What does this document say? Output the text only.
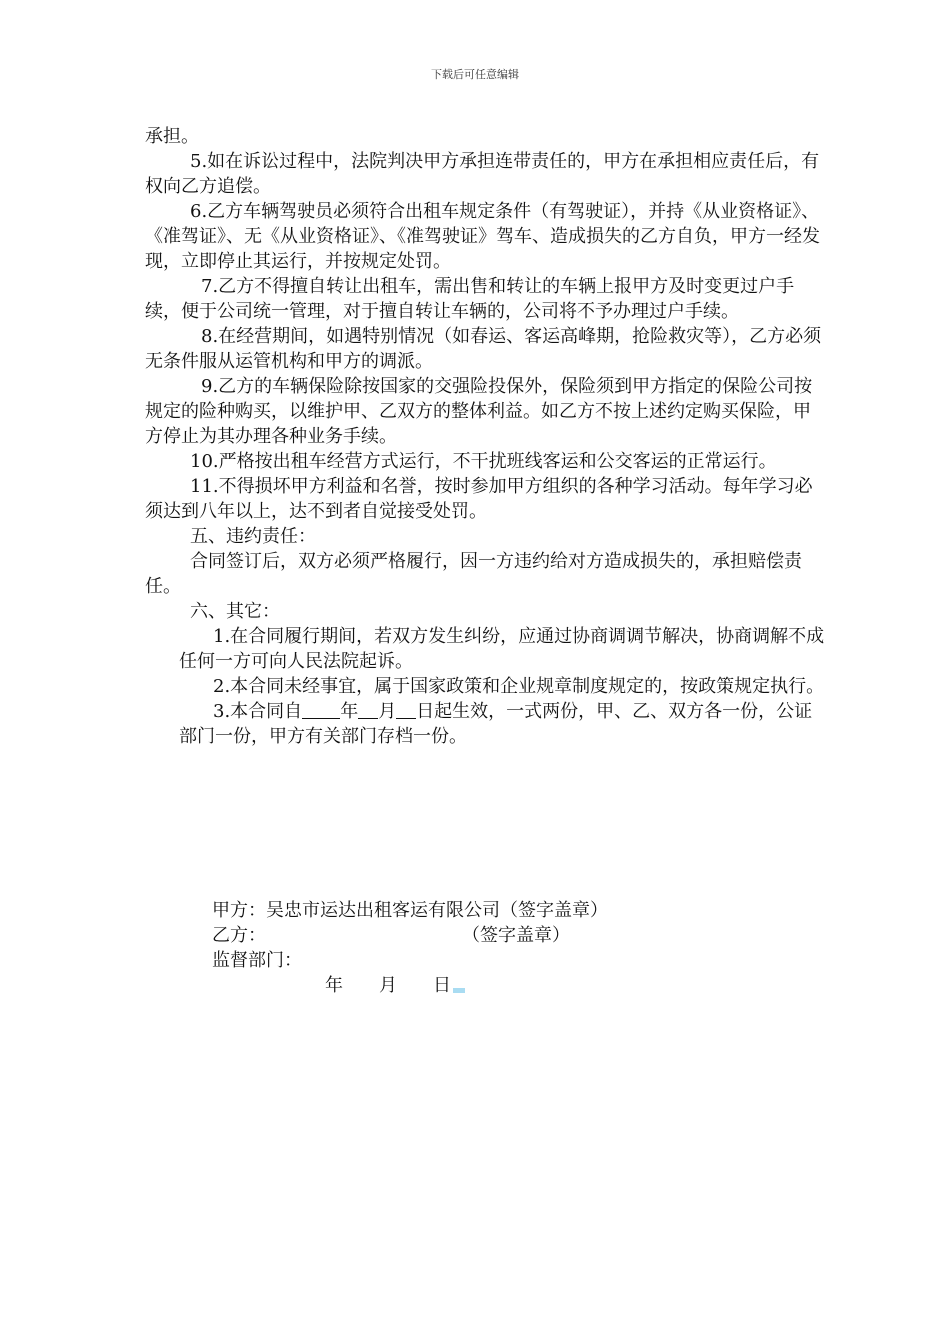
下载后可任意编辑

承担。

5.如在诉讼过程中，法院判决甲方承担连带责任的，甲方在承担相应责任后，有权向乙方追偿。

6.乙方车辆驾驶员必须符合出租车规定条件（有驾驶证），并持《从业资格证》、《准驾证》、无《从业资格证》、《准驾驶证》驾车、造成损失的乙方自负，甲方一经发现，立即停止其运行，并按规定处罚。

7.乙方不得擅自转让出租车，需出售和转让的车辆上报甲方及时变更过户手续，便于公司统一管理，对于擅自转让车辆的，公司将不予办理过户手续。

8.在经营期间，如遇特别情况（如春运、客运高峰期，抢险救灾等），乙方必须无条件服从运管机构和甲方的调派。

9.乙方的车辆保险除按国家的交强险投保外，保险须到甲方指定的保险公司按规定的险种购买，以维护甲、乙双方的整体利益。如乙方不按上述约定购买保险，甲方停止为其办理各种业务手续。

10.严格按出租车经营方式运行，不干扰班线客运和公交客运的正常运行。

11.不得损坏甲方利益和名誉，按时参加甲方组织的各种学习活动。每年学习必须达到八年以上，达不到者自觉接受处罚。

五、违约责任：

合同签订后，双方必须严格履行，因一方违约给对方造成损失的，承担赔偿责任。

六、其它：

1.在合同履行期间，若双方发生纠纷，应通过协商调调节解决，协商调解不成任何一方可向人民法院起诉。

2.本合同未经事宜，属于国家政策和企业规章制度规定的，按政策规定执行。

3.本合同自 年 月 日起生效，一式两份，甲、乙、双方各一份，公证部门一份，甲方有关部门存档一份。

甲方：吴忠市运达出租客运有限公司（签字盖章）
乙方：	（签字盖章）
监督部门：
年 月 日
